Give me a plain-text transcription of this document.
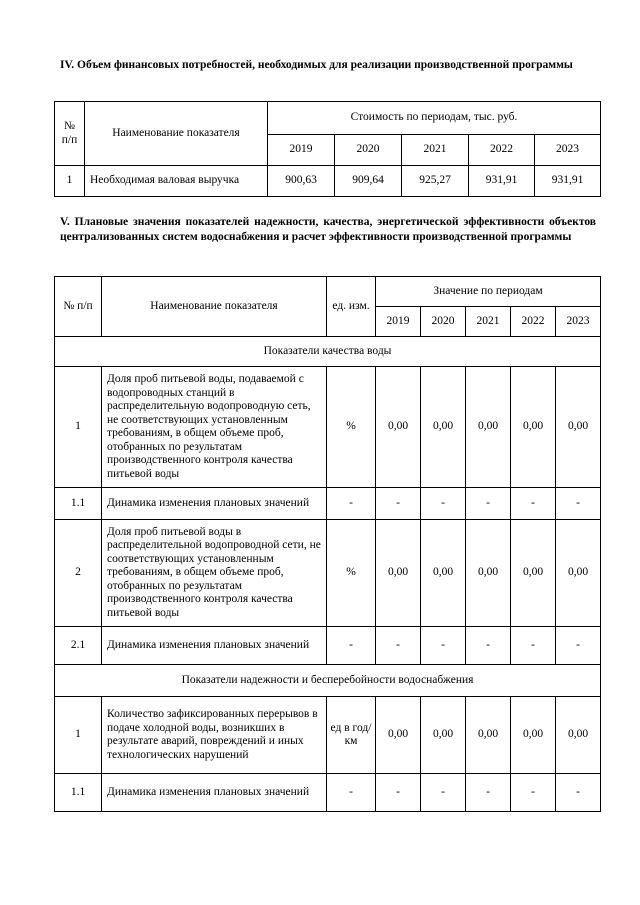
IV. Объем финансовых потребностей, необходимых для реализации производственной программы
№ п/п	Наименование показателя	Стоимость по периодам, тыс. руб.				
		2019	2020	2021	2022	2023
1	Необходимая валовая выручка	900,63	909,64	925,27	931,91	931,91
V. Плановые значения показателей надежности, качества, энергетической эффективности объектов централизованных систем водоснабжения и расчет эффективности производственной программы
№ п/п	Наименование показателя	ед. изм.	Значение по периодам				
			2019	2020	2021	2022	2023
Показатели качества воды							
1	Доля проб питьевой воды, подаваемой с водопроводных станций в распределительную водопроводную сеть, не соответствующих установленным требованиям, в общем объеме проб, отобранных по результатам производственного контроля качества питьевой воды	%	0,00	0,00	0,00	0,00	0,00
1.1	Динамика изменения плановых значений	-	-	-	-	-	-
2	Доля проб питьевой воды в распределительной водопроводной сети, не соответствующих установленным требованиям, в общем объеме проб, отобранных по результатам производственного контроля качества питьевой воды	%	0,00	0,00	0,00	0,00	0,00
2.1	Динамика изменения плановых значений	-	-	-	-	-	-
Показатели надежности и бесперебойности водоснабжения							
1	Количество зафиксированных перерывов в подаче холодной воды, возникших в результате аварий, повреждений и иных технологических нарушений	ед в год/ км	0,00	0,00	0,00	0,00	0,00
1.1	Динамика изменения плановых значений	-	-	-	-	-	-
